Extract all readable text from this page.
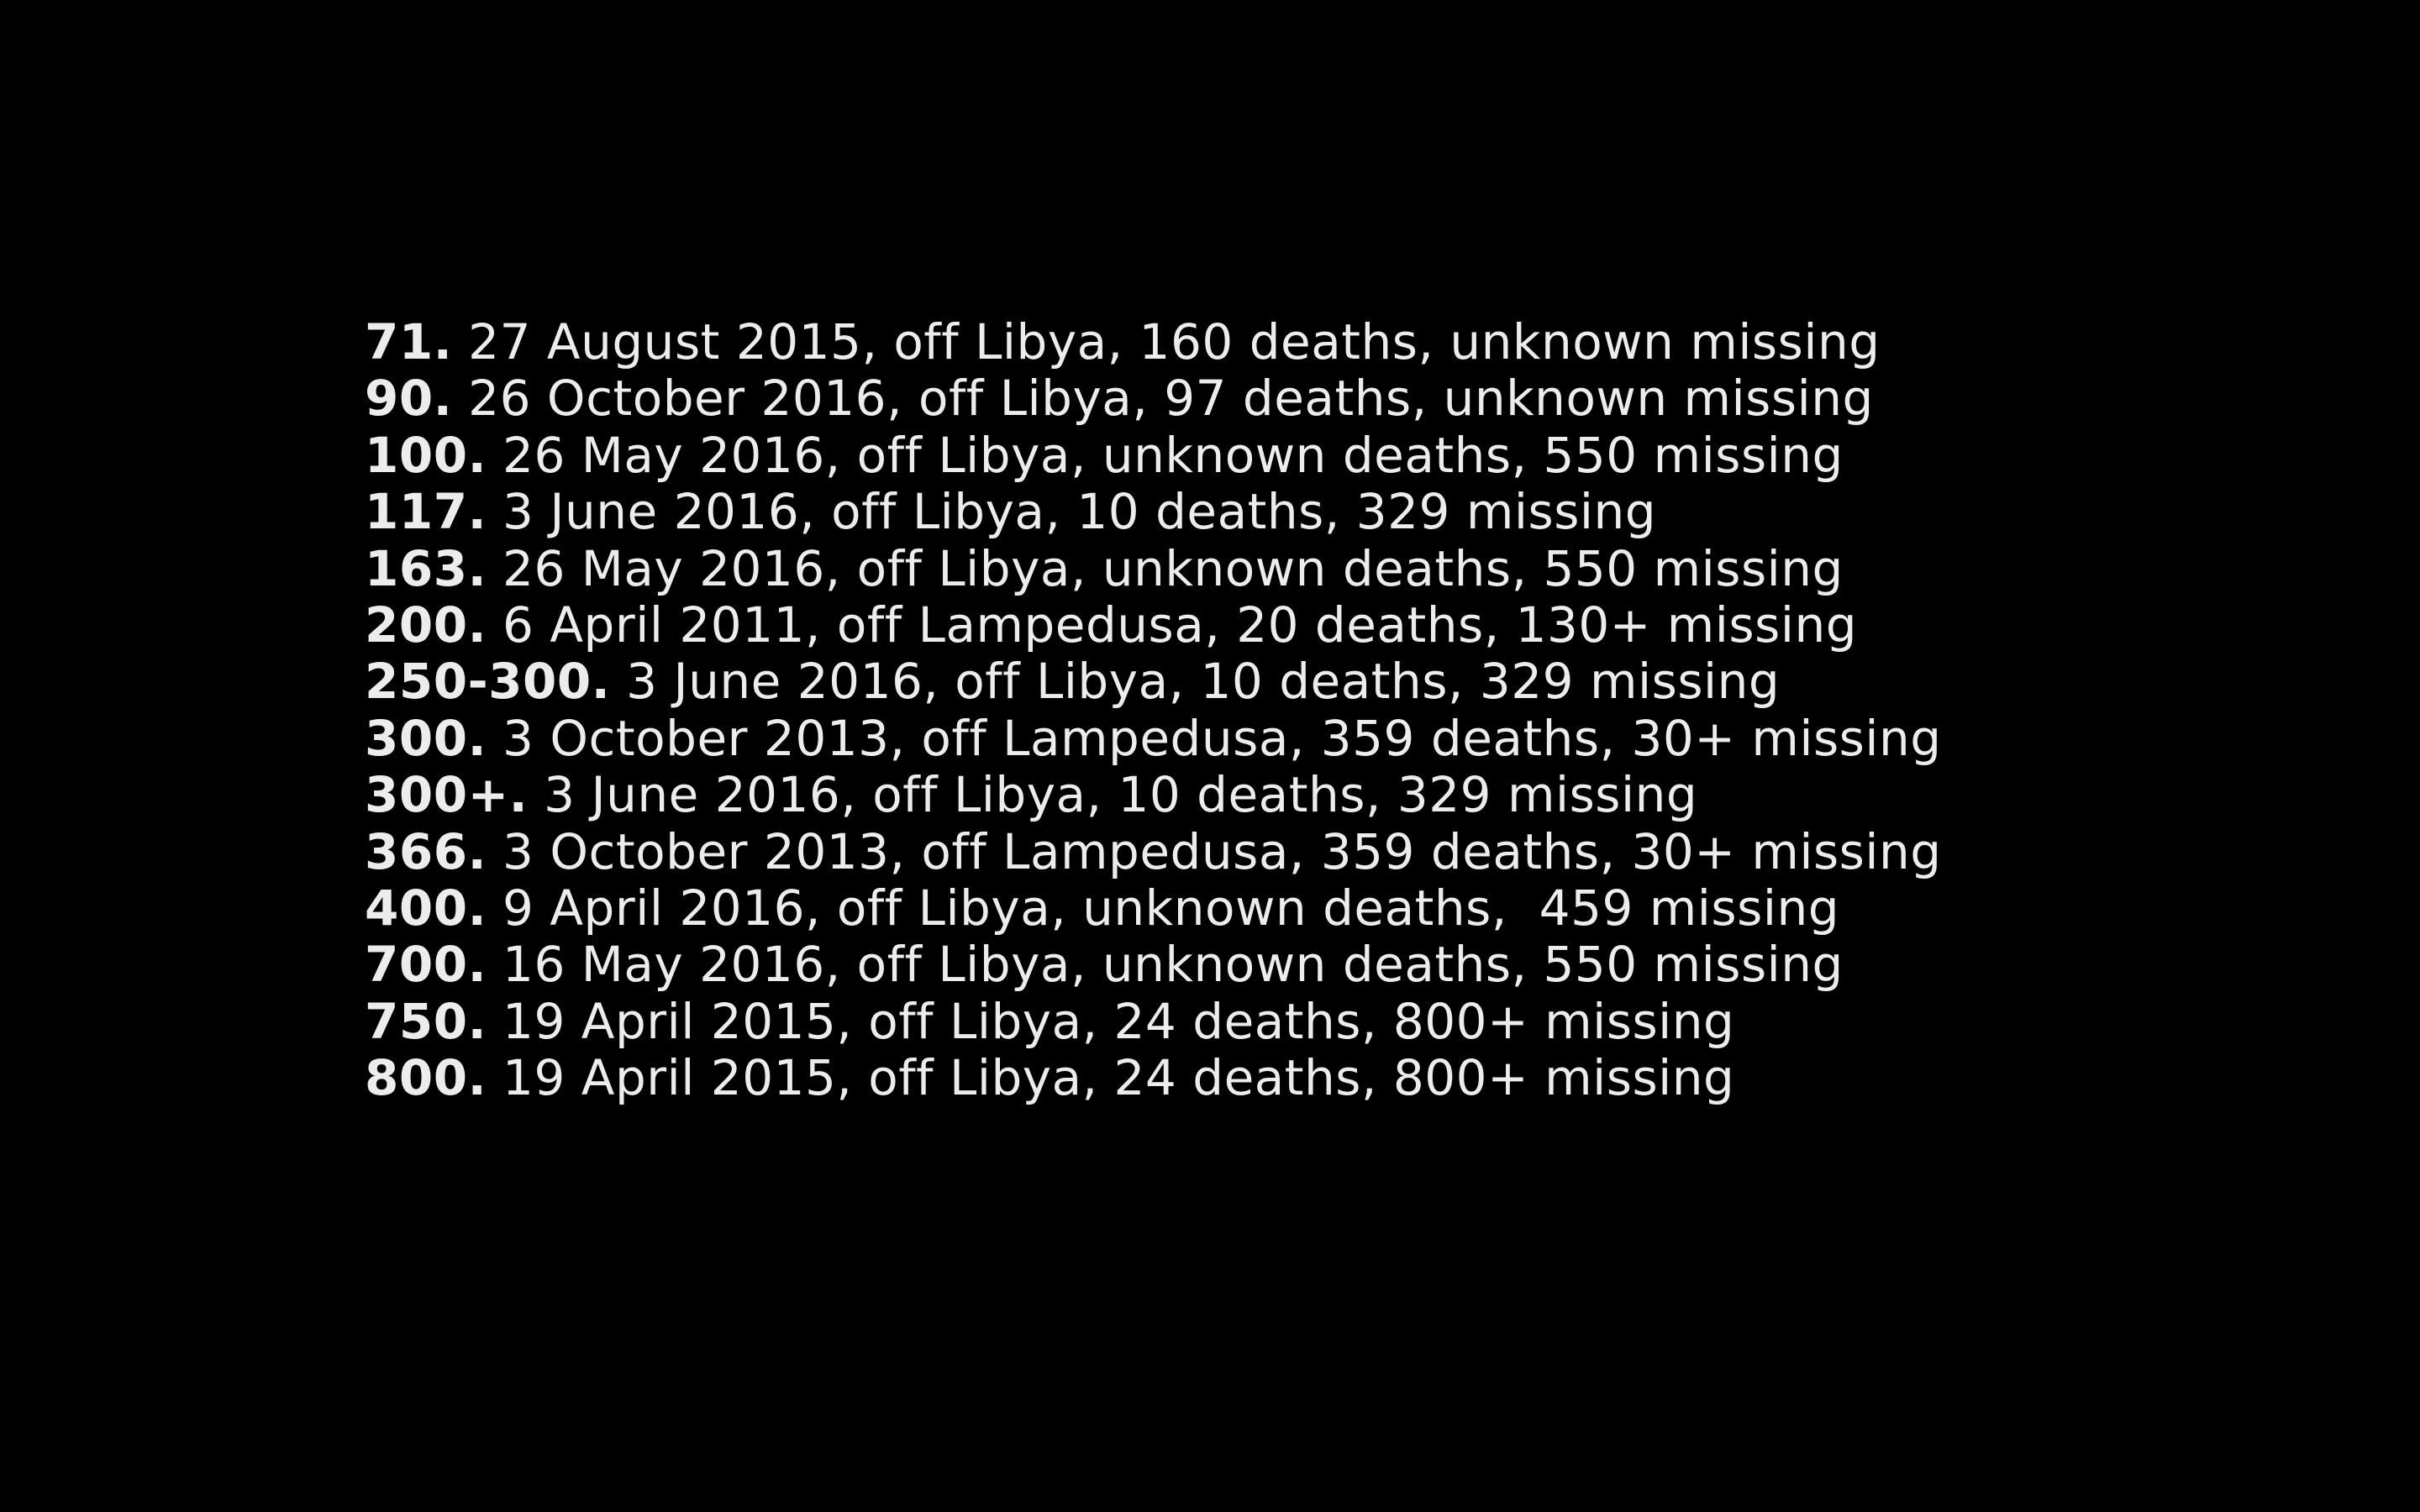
71. 27 August 2015, off Libya, 160 deaths, unknown missing
90. 26 October 2016, off Libya, 97 deaths, unknown missing
100. 26 May 2016, off Libya, unknown deaths, 550 missing
117. 3 June 2016, off Libya, 10 deaths, 329 missing
163. 26 May 2016, off Libya, unknown deaths, 550 missing
200. 6 April 2011, off Lampedusa, 20 deaths, 130+ missing
250-300. 3 June 2016, off Libya, 10 deaths, 329 missing
300. 3 October 2013, off Lampedusa, 359 deaths, 30+ missing
300+. 3 June 2016, off Libya, 10 deaths, 329 missing
366. 3 October 2013, off Lampedusa, 359 deaths, 30+ missing
400. 9 April 2016, off Libya, unknown deaths,  459 missing
700. 16 May 2016, off Libya, unknown deaths, 550 missing
750. 19 April 2015, off Libya, 24 deaths, 800+ missing
800. 19 April 2015, off Libya, 24 deaths, 800+ missing
